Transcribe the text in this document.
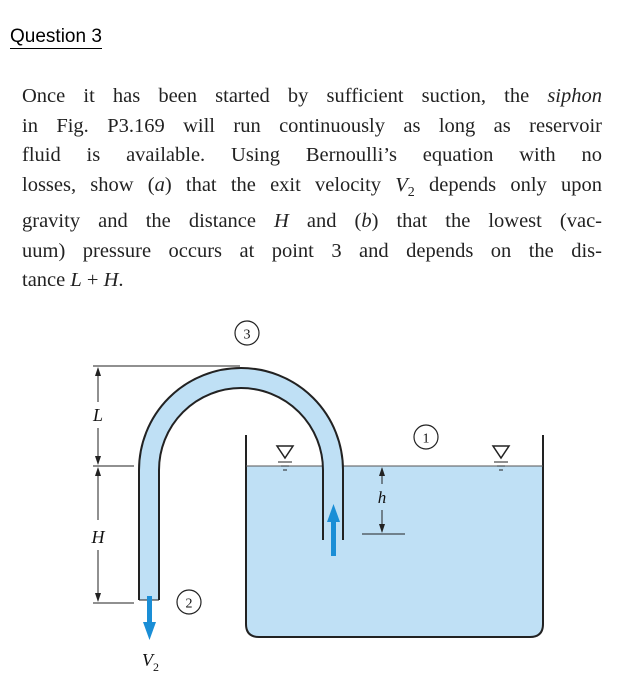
Question 3

Once it has been started by sufficient suction, the siphon
in Fig. P3.169 will run continuously as long as reservoir
fluid is available. Using Bernoulli’s equation with no
losses, show (a) that the exit velocity $V_2$ depends only upon
gravity and the distance H and (b) that the lowest (vac-
uum) pressure occurs at point 3 and depends on the dis-
tance L + H.

L
H
h
3
1
2
$V_2$
